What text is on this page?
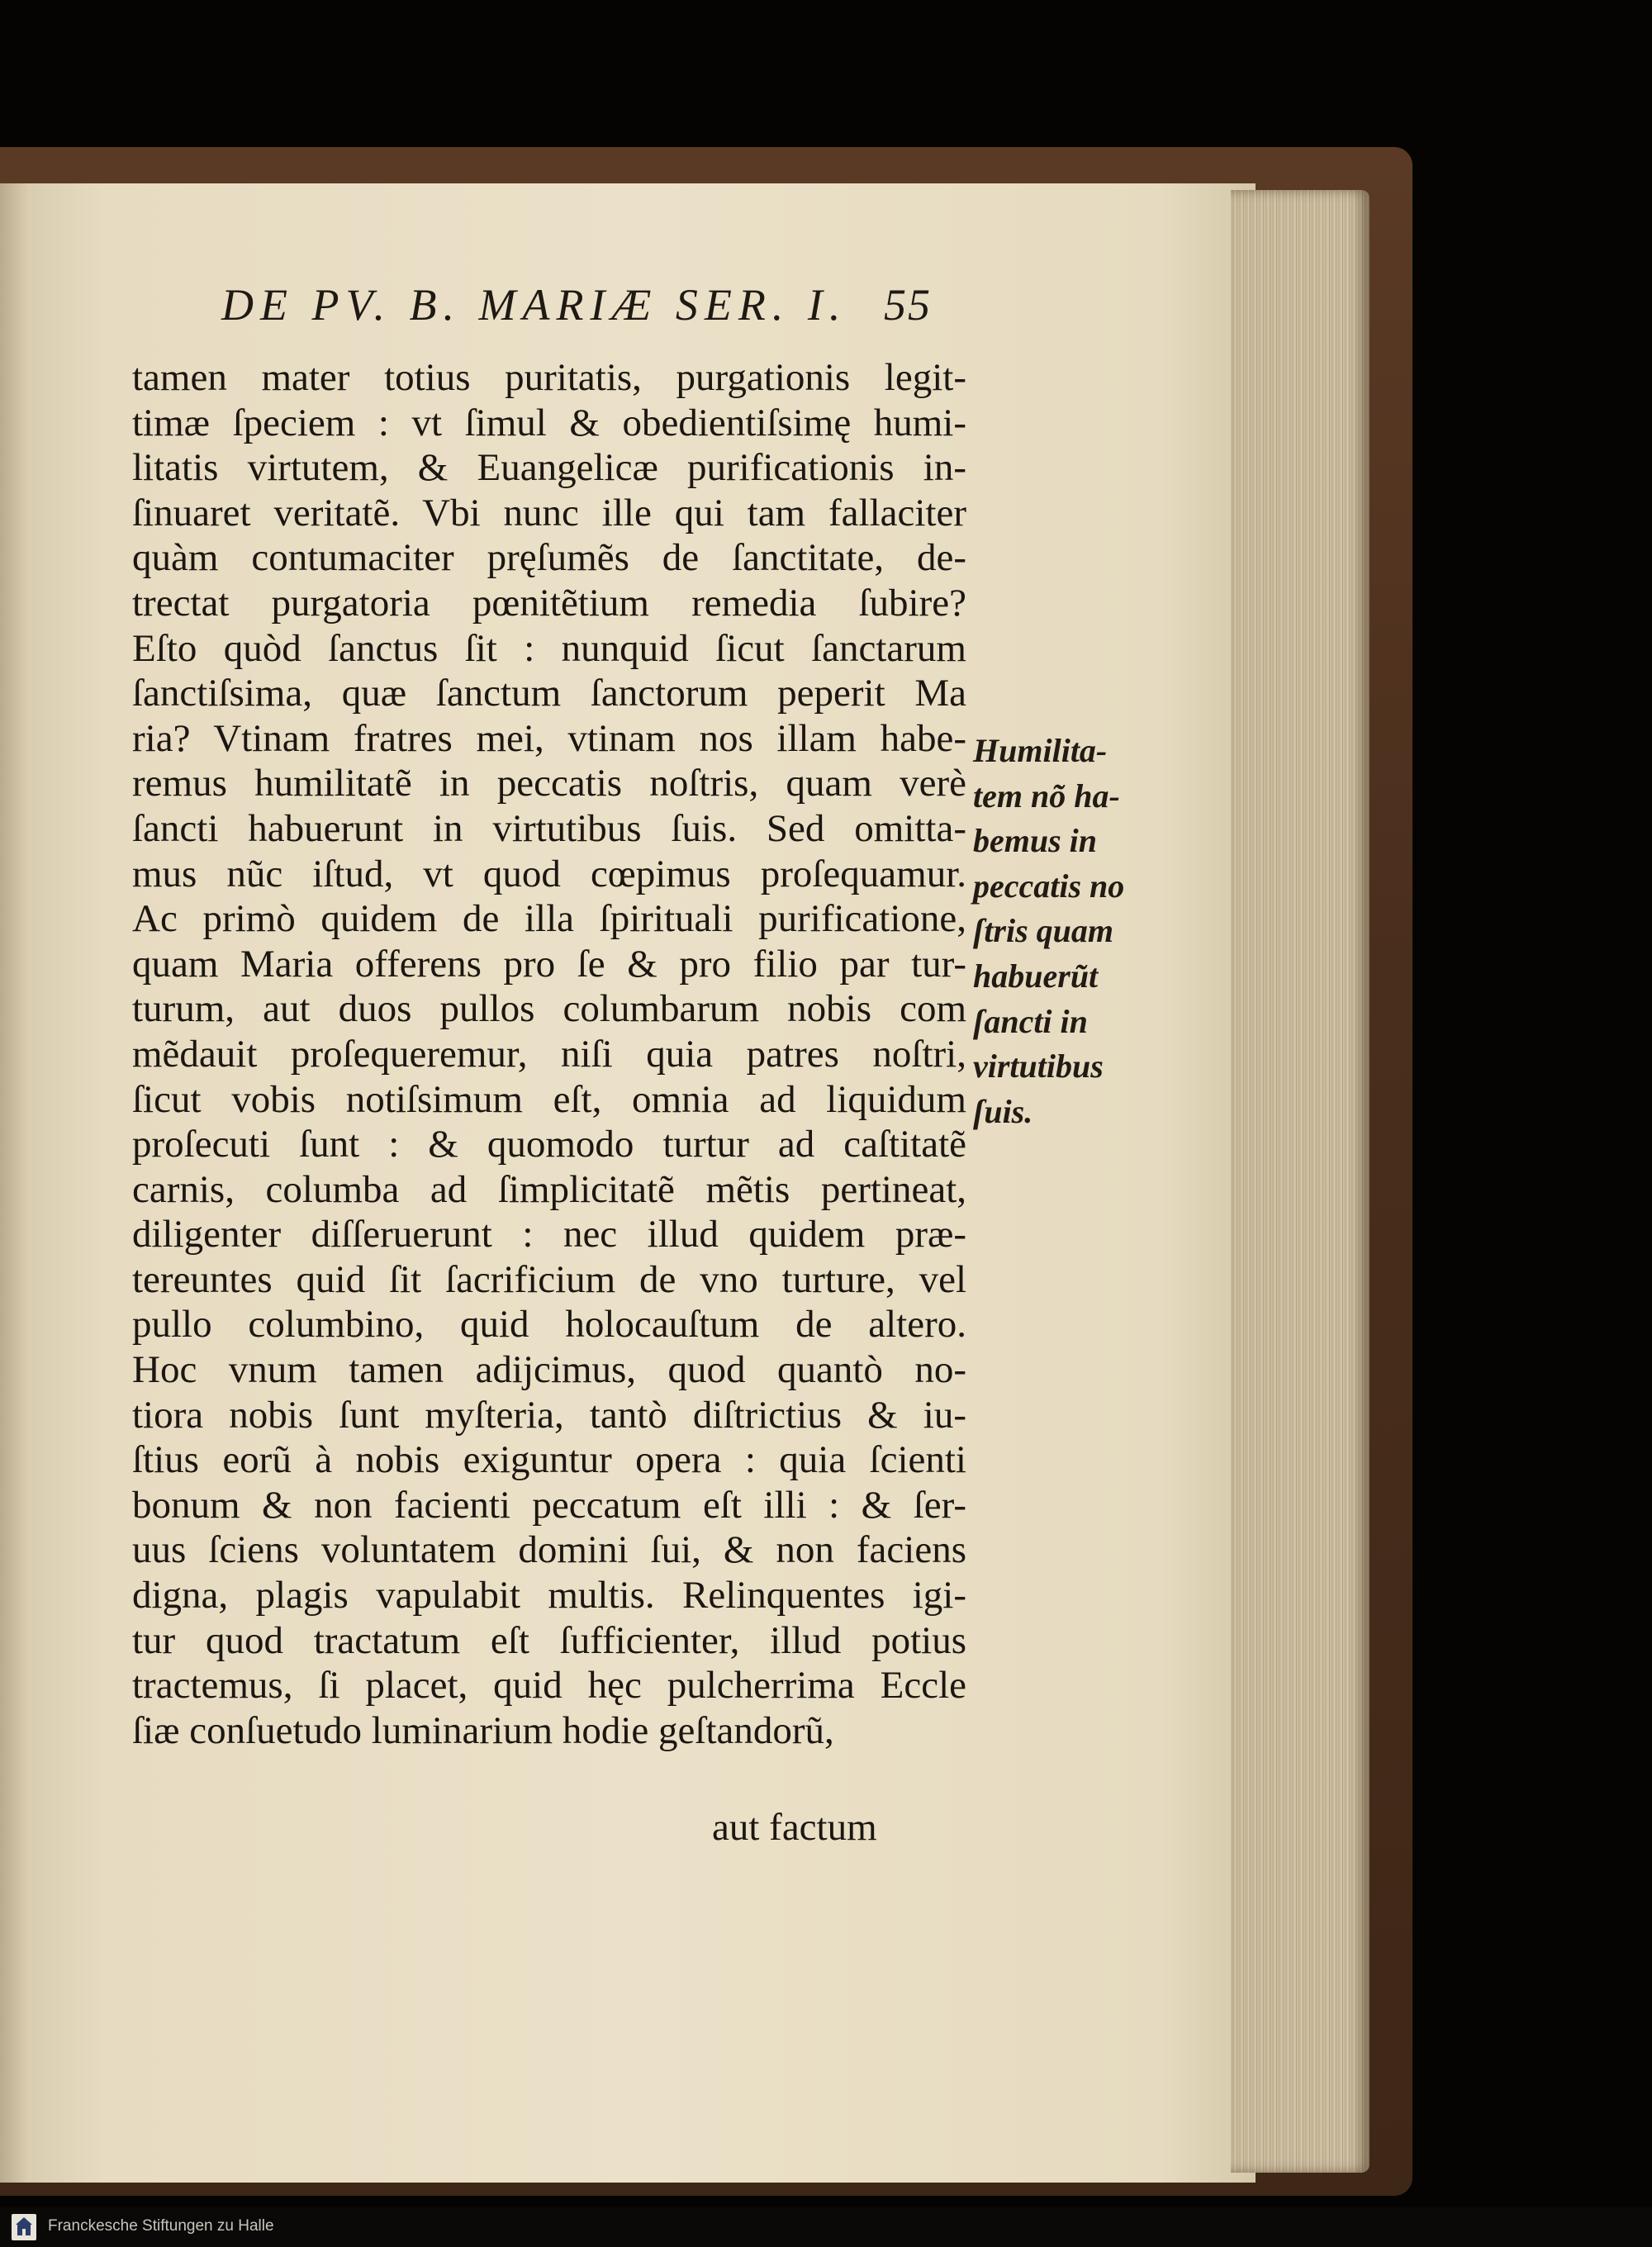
DE PV. B. MARIÆ SER. I. 55
tamen mater totius puritatis, purgationis legit-
timæ ſpeciem : vt ſimul & obedientiſsimę humi-
litatis virtutem, & Euangelicæ purificationis in-
ſinuaret veritatẽ. Vbi nunc ille qui tam fallaciter
quàm contumaciter pręſumẽs de ſanctitate, de-
trectat purgatoria pœnitẽtium remedia ſubire?
Eſto quòd ſanctus ſit : nunquid ſicut ſanctarum
ſanctiſsima, quæ ſanctum ſanctorum peperit Ma
ria? Vtinam fratres mei, vtinam nos illam habe-
remus humilitatẽ in peccatis noſtris, quam verè
ſancti habuerunt in virtutibus ſuis. Sed omitta-
mus nũc iſtud, vt quod cœpimus proſequamur.
Ac primò quidem de illa ſpirituali purificatione,
quam Maria offerens pro ſe & pro filio par tur-
turum, aut duos pullos columbarum nobis com
mẽdauit proſequeremur, niſi quia patres noſtri,
ſicut vobis notiſsimum eſt, omnia ad liquidum
proſecuti ſunt : & quomodo turtur ad caſtitatẽ
carnis, columba ad ſimplicitatẽ mẽtis pertineat,
diligenter diſſeruerunt : nec illud quidem præ-
tereuntes quid ſit ſacrificium de vno turture, vel
pullo columbino, quid holocauſtum de altero.
Hoc vnum tamen adijcimus, quod quantò no-
tiora nobis ſunt myſteria, tantò diſtrictius & iu-
ſtius eorũ à nobis exiguntur opera : quia ſcienti
bonum & non facienti peccatum eſt illi : & ſer-
uus ſciens voluntatem domini ſui, & non faciens
digna, plagis vapulabit multis. Relinquentes igi-
tur quod tractatum eſt ſufficienter, illud potius
tractemus, ſi placet, quid hęc pulcherrima Eccle
ſiæ conſuetudo luminarium hodie geſtandorũ,
aut factum
Humilita-
tem nõ ha-
bemus in
peccatis no
ſtris quam
habuerũt
ſancti in
virtutibus
ſuis.
Franckesche Stiftungen zu Halle
